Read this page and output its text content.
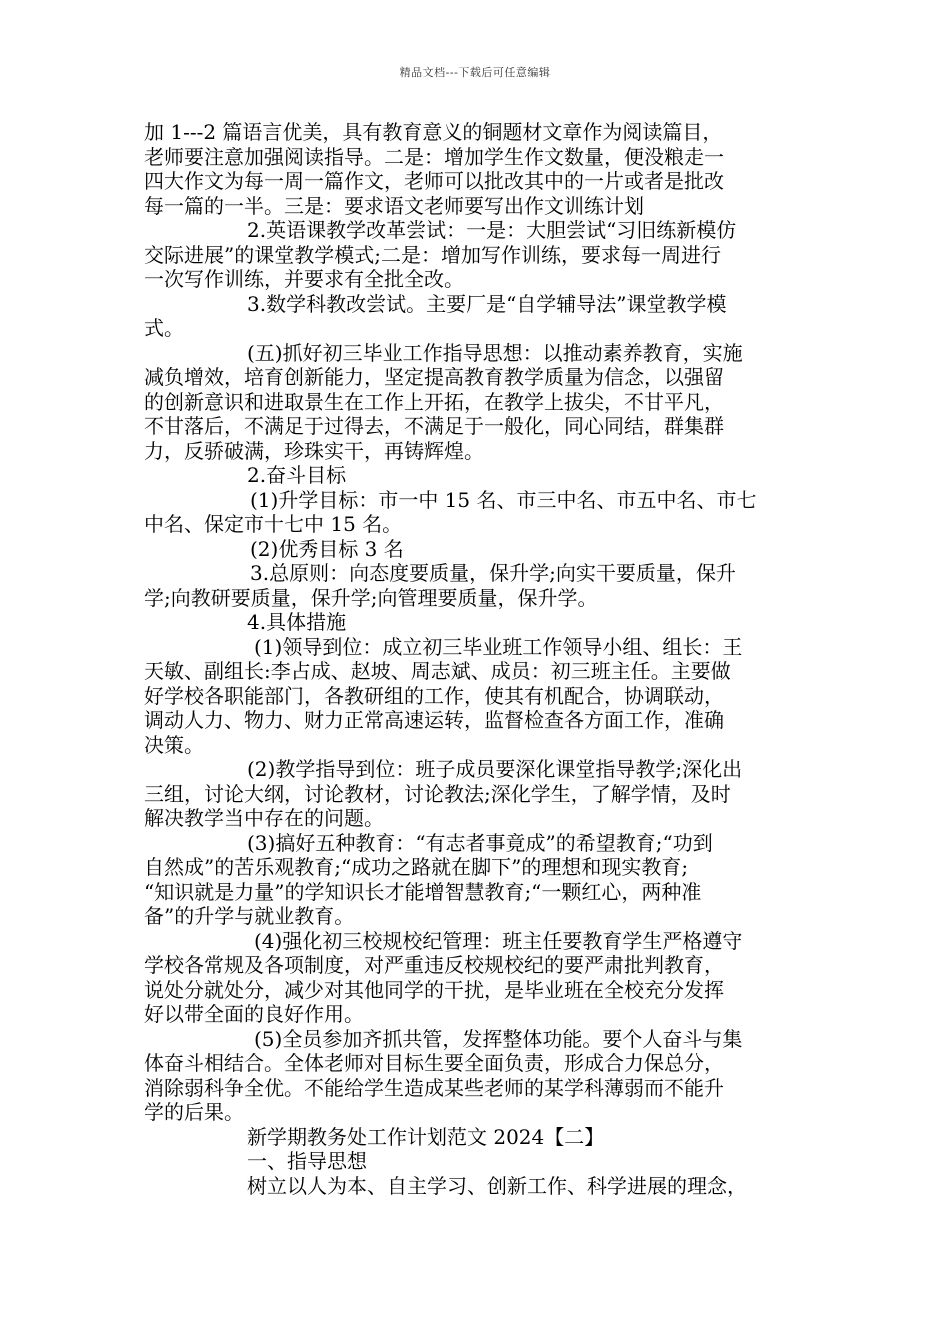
精品文档---下载后可任意编辑
加 1---2 篇语言优美，具有教育意义的铜题材文章作为阅读篇目，
老师要注意加强阅读指导。二是：增加学生作文数量，便没粮走一
四大作文为每一周一篇作文，老师可以批改其中的一片或者是批改
每一篇的一半。三是：要求语文老师要写出作文训练计划
2.英语课教学改革尝试：一是：大胆尝试“习旧练新模仿
交际进展”的课堂教学模式;二是：增加写作训练，要求每一周进行
一次写作训练，并要求有全批全改。
3.数学科教改尝试。主要厂是“自学辅导法”课堂教学模
式。
(五)抓好初三毕业工作指导思想：以推动素养教育，实施
减负增效，培育创新能力，坚定提高教育教学质量为信念，以强留
的创新意识和进取景生在工作上开拓，在教学上拔尖，不甘平凡，
不甘落后，不满足于过得去，不满足于一般化，同心同结，群集群
力，反骄破满，珍珠实干，再铸辉煌。
2.奋斗目标
(1)升学目标：市一中 15 名、市三中名、市五中名、市七
中名、保定市十七中 15 名。
(2)优秀目标 3 名
3.总原则：向态度要质量，保升学;向实干要质量，保升
学;向教研要质量，保升学;向管理要质量，保升学。
4.具体措施
(1)领导到位：成立初三毕业班工作领导小组、组长：王
天敏、副组长:李占成、赵坡、周志斌、成员：初三班主任。主要做
好学校各职能部门，各教研组的工作，使其有机配合，协调联动，
调动人力、物力、财力正常高速运转，监督检查各方面工作，准确
决策。
(2)教学指导到位：班子成员要深化课堂指导教学;深化出
三组，讨论大纲，讨论教材，讨论教法;深化学生，了解学情，及时
解决教学当中存在的问题。
(3)搞好五种教育：“有志者事竟成”的希望教育;“功到
自然成”的苦乐观教育;“成功之路就在脚下”的理想和现实教育;
“知识就是力量”的学知识长才能增智慧教育;“一颗红心，两种准
备”的升学与就业教育。
(4)强化初三校规校纪管理：班主任要教育学生严格遵守
学校各常规及各项制度，对严重违反校规校纪的要严肃批判教育，
说处分就处分，减少对其他同学的干扰，是毕业班在全校充分发挥
好以带全面的良好作用。
(5)全员参加齐抓共管，发挥整体功能。要个人奋斗与集
体奋斗相结合。全体老师对目标生要全面负责，形成合力保总分，
消除弱科争全优。不能给学生造成某些老师的某学科薄弱而不能升
学的后果。
新学期教务处工作计划范文 2024【二】
一、指导思想
树立以人为本、自主学习、创新工作、科学进展的理念，
